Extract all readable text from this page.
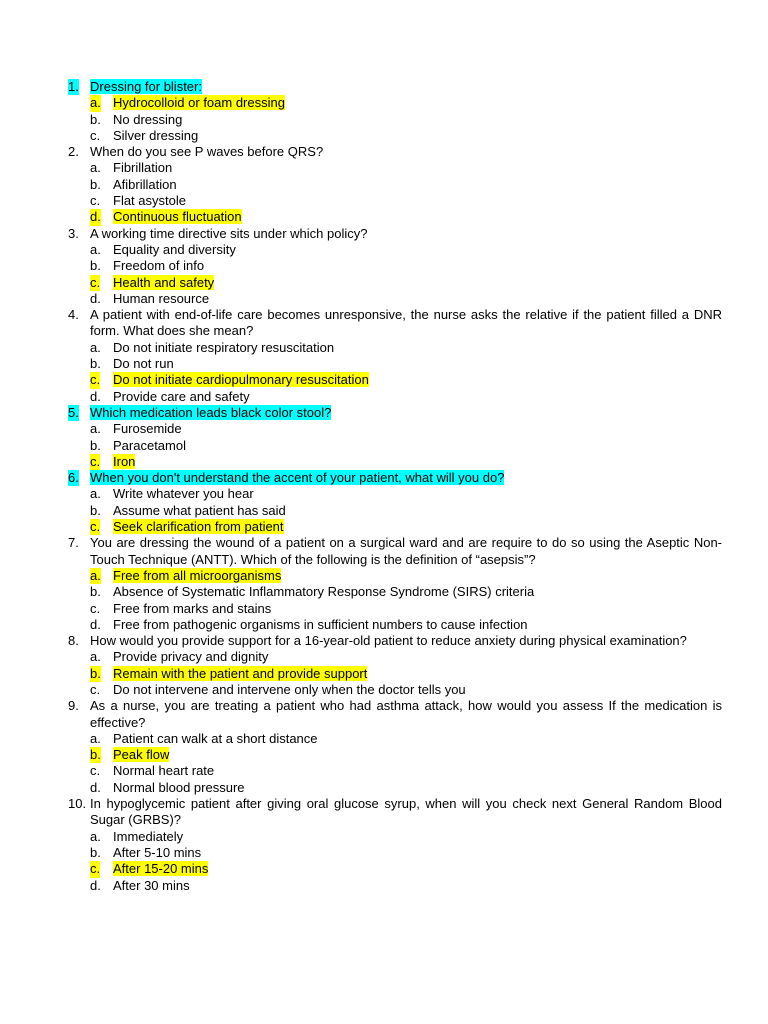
1. Dressing for blister:
a. Hydrocolloid or foam dressing
b. No dressing
c. Silver dressing
2. When do you see P waves before QRS?
a. Fibrillation
b. Afibrillation
c. Flat asystole
d. Continuous fluctuation
3. A working time directive sits under which policy?
a. Equality and diversity
b. Freedom of info
c. Health and safety
d. Human resource
4. A patient with end-of-life care becomes unresponsive, the nurse asks the relative if the patient filled a DNR form. What does she mean?
a. Do not initiate respiratory resuscitation
b. Do not run
c. Do not initiate cardiopulmonary resuscitation
d. Provide care and safety
5. Which medication leads black color stool?
a. Furosemide
b. Paracetamol
c. Iron
6. When you don't understand the accent of your patient, what will you do?
a. Write whatever you hear
b. Assume what patient has said
c. Seek clarification from patient
7. You are dressing the wound of a patient on a surgical ward and are require to do so using the Aseptic Non-Touch Technique (ANTT). Which of the following is the definition of “asepsis”?
a. Free from all microorganisms
b. Absence of Systematic Inflammatory Response Syndrome (SIRS) criteria
c. Free from marks and stains
d. Free from pathogenic organisms in sufficient numbers to cause infection
8. How would you provide support for a 16-year-old patient to reduce anxiety during physical examination?
a. Provide privacy and dignity
b. Remain with the patient and provide support
c. Do not intervene and intervene only when the doctor tells you
9. As a nurse, you are treating a patient who had asthma attack, how would you assess If the medication is effective?
a. Patient can walk at a short distance
b. Peak flow
c. Normal heart rate
d. Normal blood pressure
10. In hypoglycemic patient after giving oral glucose syrup, when will you check next General Random Blood Sugar (GRBS)?
a. Immediately
b. After 5-10 mins
c. After 15-20 mins
d. After 30 mins
